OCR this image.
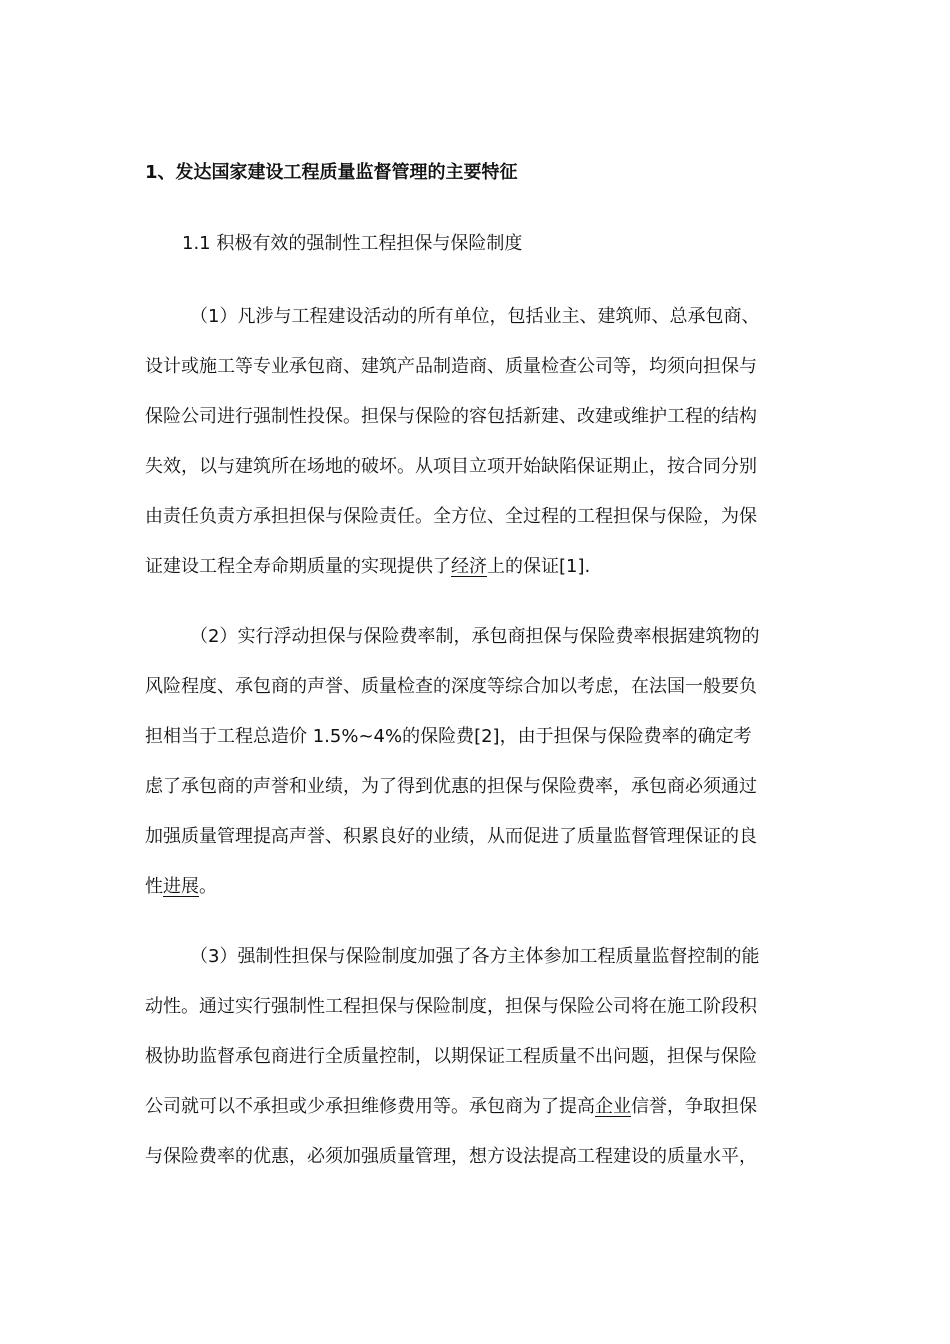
1、发达国家建设工程质量监督管理的主要特征
1.1 积极有效的强制性工程担保与保险制度
（1）凡涉与工程建设活动的所有单位，包括业主、建筑师、总承包商、
设计或施工等专业承包商、建筑产品制造商、质量检查公司等，均须向担保与
保险公司进行强制性投保。担保与保险的容包括新建、改建或维护工程的结构
失效，以与建筑所在场地的破坏。从项目立项开始缺陷保证期止，按合同分别
由责任负责方承担担保与保险责任。全方位、全过程的工程担保与保险，为保
证建设工程全寿命期质量的实现提供了经济上的保证[1].
（2）实行浮动担保与保险费率制，承包商担保与保险费率根据建筑物的
风险程度、承包商的声誉、质量检查的深度等综合加以考虑，在法国一般要负
担相当于工程总造价 1.5%~4%的保险费[2]，由于担保与保险费率的确定考
虑了承包商的声誉和业绩，为了得到优惠的担保与保险费率，承包商必须通过
加强质量管理提高声誉、积累良好的业绩，从而促进了质量监督管理保证的良
性进展。
（3）强制性担保与保险制度加强了各方主体参加工程质量监督控制的能
动性。通过实行强制性工程担保与保险制度，担保与保险公司将在施工阶段积
极协助监督承包商进行全质量控制，以期保证工程质量不出问题，担保与保险
公司就可以不承担或少承担维修费用等。承包商为了提高企业信誉，争取担保
与保险费率的优惠，必须加强质量管理，想方设法提高工程建设的质量水平，
